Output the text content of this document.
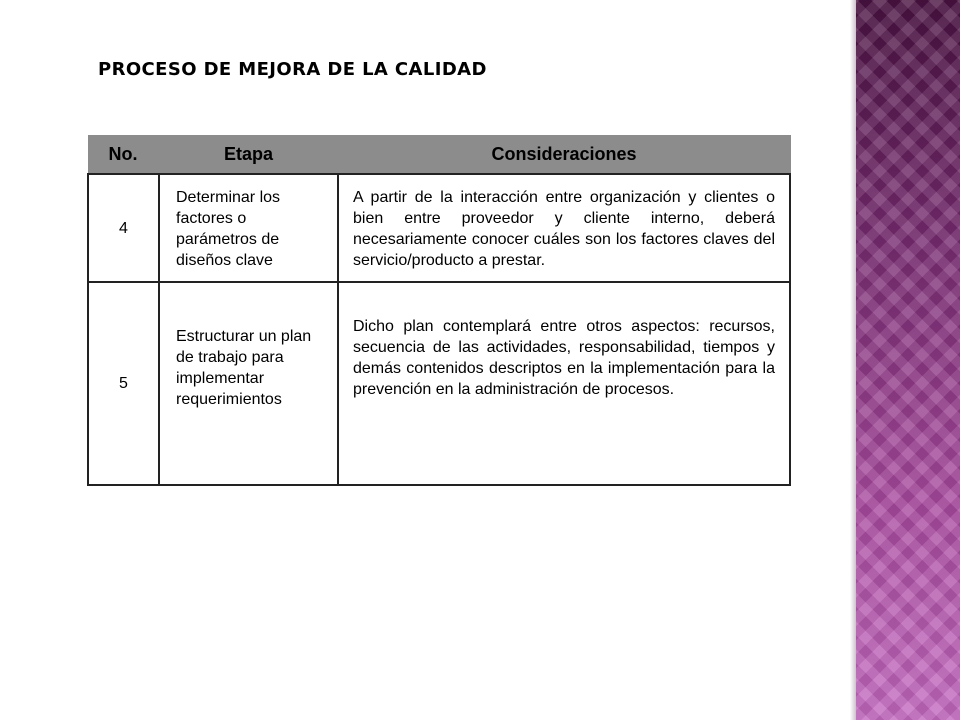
PROCESO DE MEJORA DE LA CALIDAD
No.	Etapa	Consideraciones
4	Determinar los factores o parámetros de diseños clave	A partir de la interacción entre organización y clientes o bien entre proveedor y cliente interno, deberá necesariamente conocer cuáles son los factores claves del servicio/producto a prestar.
5	Estructurar un plan de trabajo para implementar requerimientos	Dicho plan contemplará entre otros aspectos: recursos, secuencia de las actividades, responsabilidad, tiempos y demás contenidos descriptos en la implementación para la prevención en la administración de procesos.
